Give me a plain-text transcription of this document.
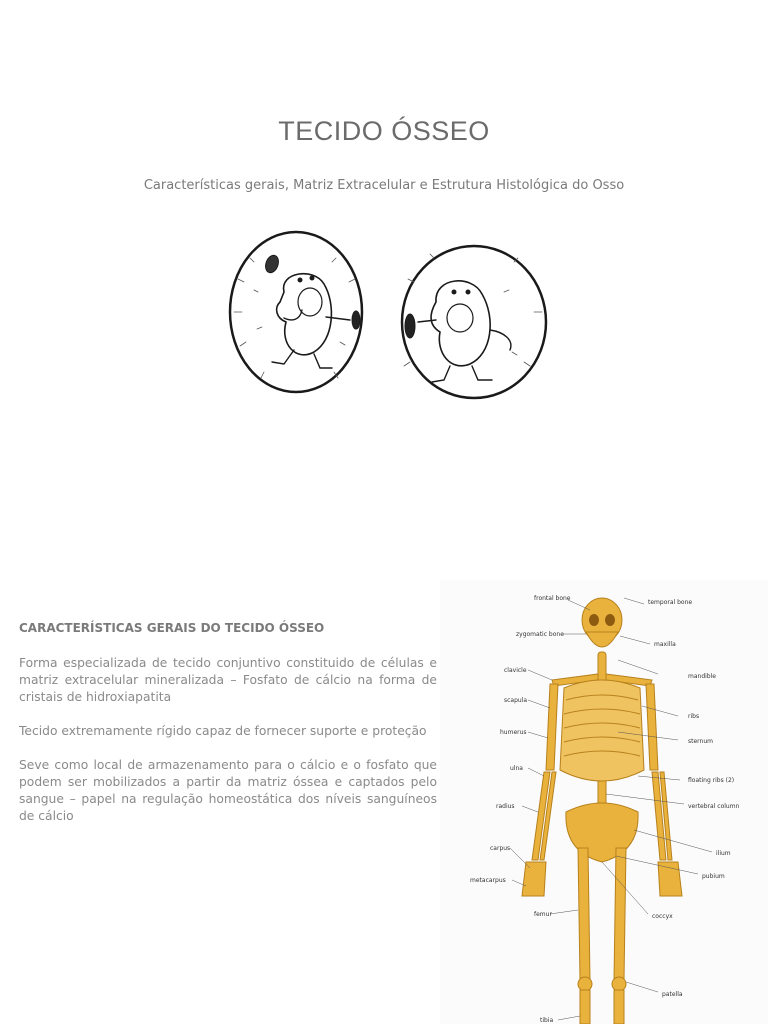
TECIDO ÓSSEO
Características gerais, Matriz Extracelular e Estrutura Histológica do Osso

CARACTERÍSTICAS GERAIS DO TECIDO ÓSSEO

Forma especializada de tecido conjuntivo constituido de células e matriz extracelular mineralizada – Fosfato de cálcio na forma de cristais de hidroxiapatita

Tecido extremamente rígido capaz de fornecer suporte e proteção

Seve como local de armazenamento para o cálcio e o fosfato que podem ser mobilizados a partir da matriz óssea e captados pelo sangue – papel na regulação homeostática dos níveis sanguíneos de cálcio

frontal bone
zygomatic bone
clavicle
scapula
humerus
ulna
radius
carpus
metacarpus
femur
tibia
temporal bone
maxilla
mandible
ribs
sternum
floating ribs (2)
vertebral column
ilium
pubium
coccyx
patella
